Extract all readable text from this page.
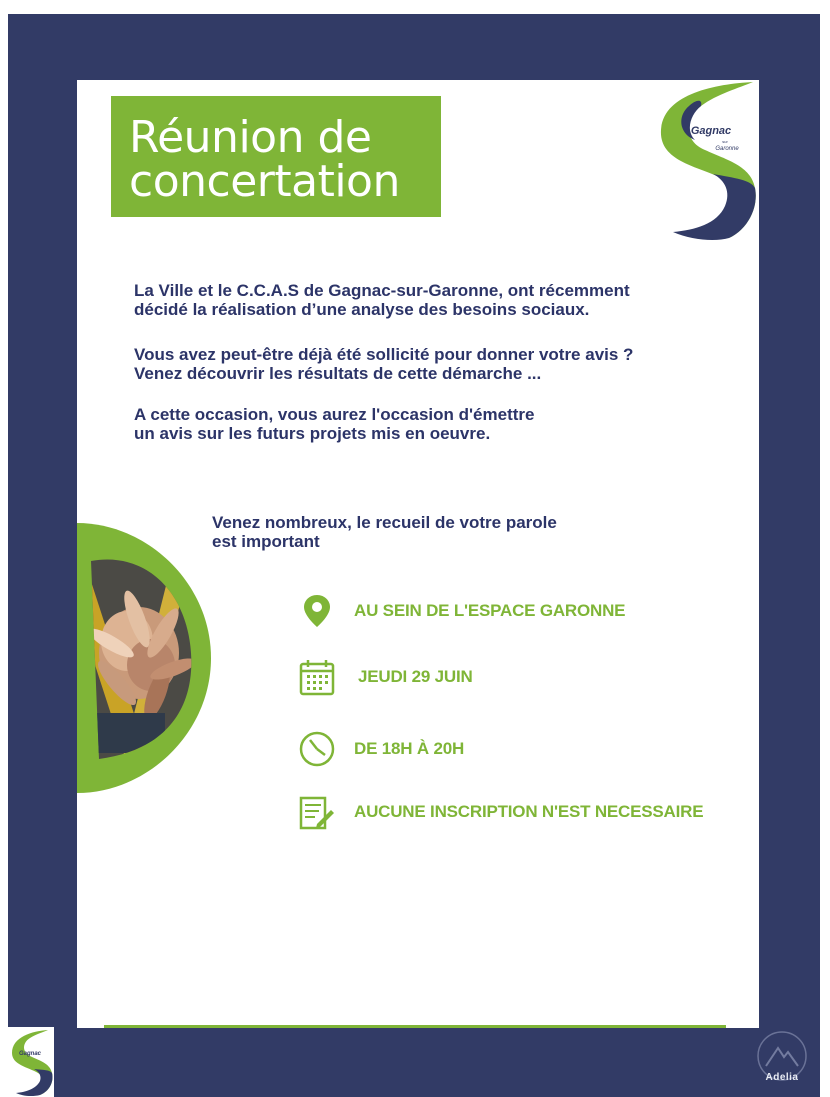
Réunion de
concertation
Gagnac
sur
Garonne

La Ville et le C.C.A.S de Gagnac-sur-Garonne, ont récemment
décidé la réalisation d’une analyse des besoins sociaux.

Vous avez peut-être déjà été sollicité pour donner votre avis ?
Venez découvrir les résultats de cette démarche ...

A cette occasion, vous aurez l'occasion d'émettre
un avis sur les futurs projets mis en oeuvre.

Venez nombreux, le recueil de votre parole
est important

AU SEIN DE L'ESPACE GARONNE
JEUDI 29 JUIN
DE 18H À 20H
AUCUNE INSCRIPTION N'EST NECESSAIRE
Gagnac
Adelia
